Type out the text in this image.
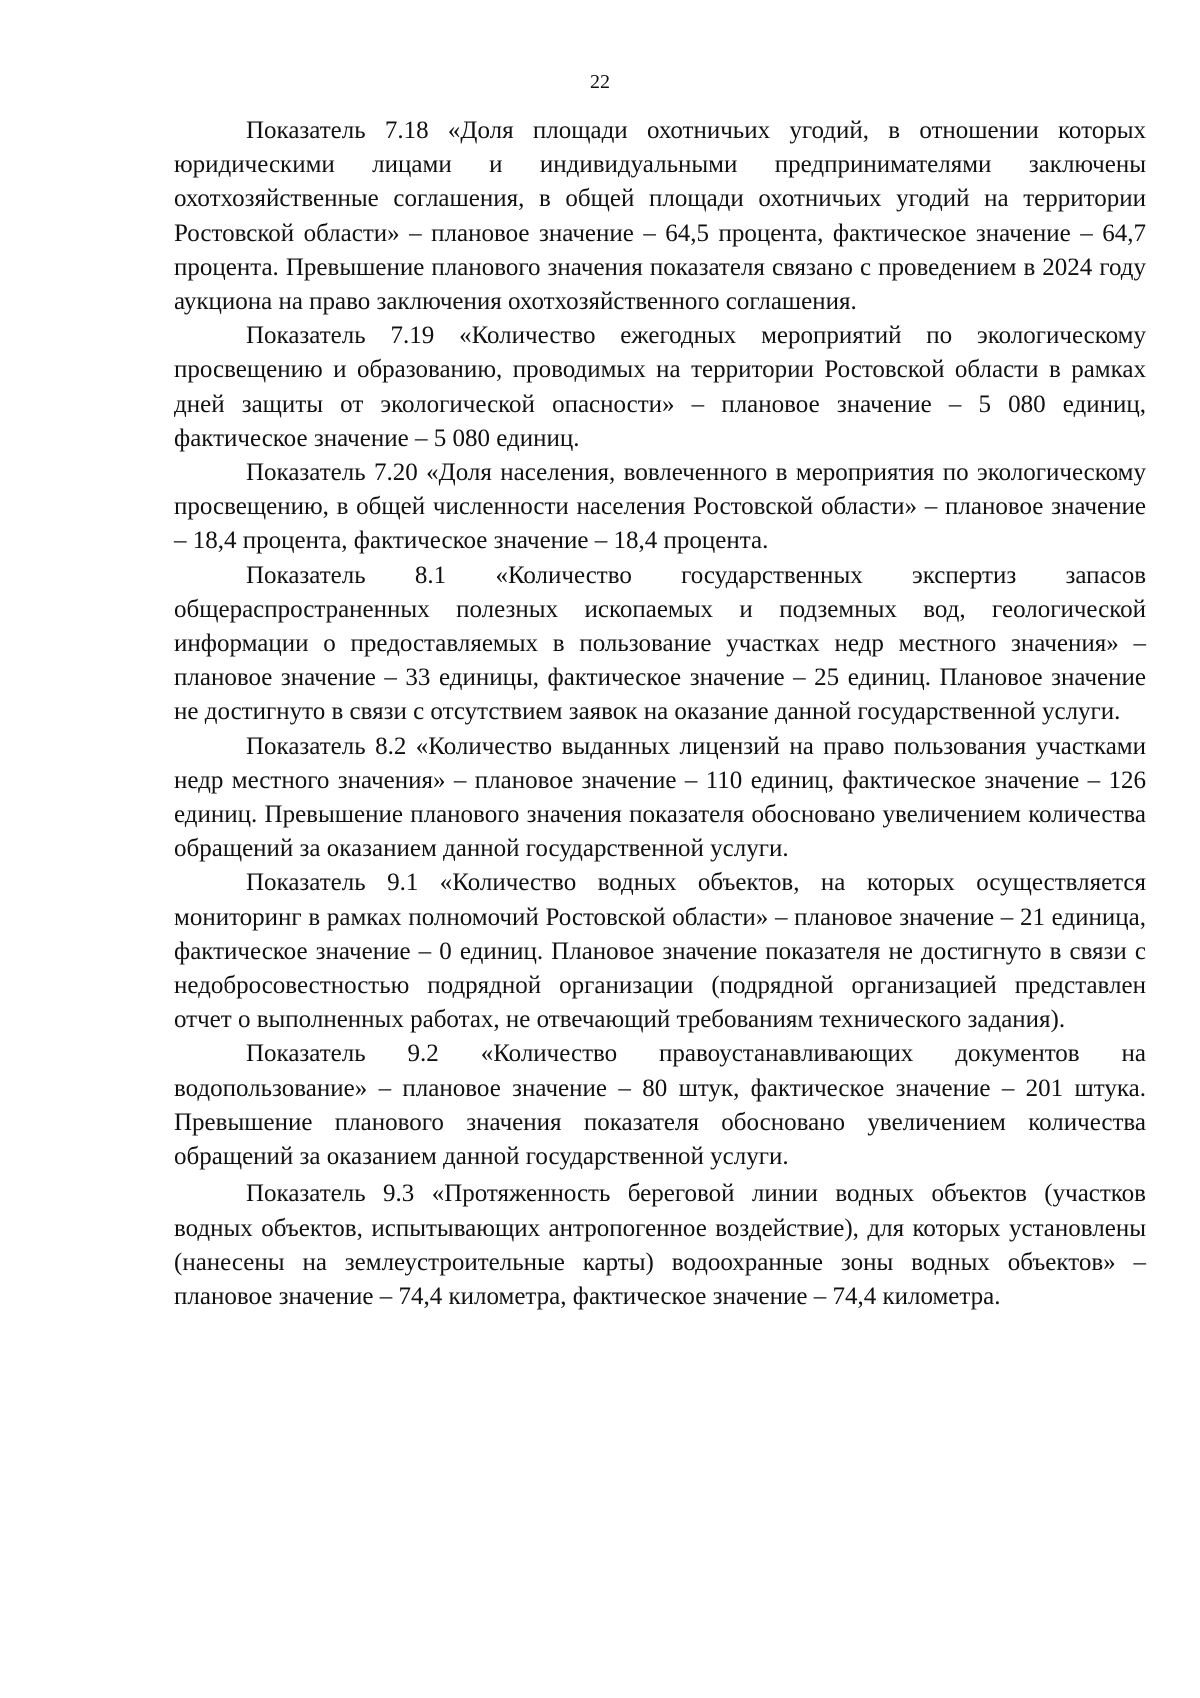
22

Показатель 7.18 «Доля площади охотничьих угодий, в отношении которых юридическими лицами и индивидуальными предпринимателями заключены охотхозяйственные соглашения, в общей площади охотничьих угодий на территории Ростовской области» – плановое значение – 64,5 процента, фактическое значение – 64,7 процента. Превышение планового значения показателя связано с проведением в 2024 году аукциона на право заключения охотхозяйственного соглашения.

Показатель 7.19 «Количество ежегодных мероприятий по экологическому просвещению и образованию, проводимых на территории Ростовской области в рамках дней защиты от экологической опасности» – плановое значение – 5 080 единиц, фактическое значение – 5 080 единиц.

Показатель 7.20 «Доля населения, вовлеченного в мероприятия по экологическому просвещению, в общей численности населения Ростовской области» – плановое значение – 18,4 процента, фактическое значение – 18,4 процента.

Показатель 8.1 «Количество государственных экспертиз запасов общераспространенных полезных ископаемых и подземных вод, геологической информации о предоставляемых в пользование участках недр местного значения» – плановое значение – 33 единицы, фактическое значение – 25 единиц. Плановое значение не достигнуто в связи с отсутствием заявок на оказание данной государственной услуги.

Показатель 8.2 «Количество выданных лицензий на право пользования участками недр местного значения» – плановое значение – 110 единиц, фактическое значение – 126 единиц. Превышение планового значения показателя обосновано увеличением количества обращений за оказанием данной государственной услуги.

Показатель 9.1 «Количество водных объектов, на которых осуществляется мониторинг в рамках полномочий Ростовской области» – плановое значение – 21 единица, фактическое значение – 0 единиц. Плановое значение показателя не достигнуто в связи с недобросовестностью подрядной организации (подрядной организацией представлен отчет о выполненных работах, не отвечающий требованиям технического задания).

Показатель 9.2 «Количество правоустанавливающих документов на водопользование» – плановое значение – 80 штук, фактическое значение – 201 штука. Превышение планового значения показателя обосновано увеличением количества обращений за оказанием данной государственной услуги.

Показатель 9.3 «Протяженность береговой линии водных объектов (участков водных объектов, испытывающих антропогенное воздействие), для которых установлены (нанесены на землеустроительные карты) водоохранные зоны водных объектов» – плановое значение – 74,4 километра, фактическое значение – 74,4 километра.
